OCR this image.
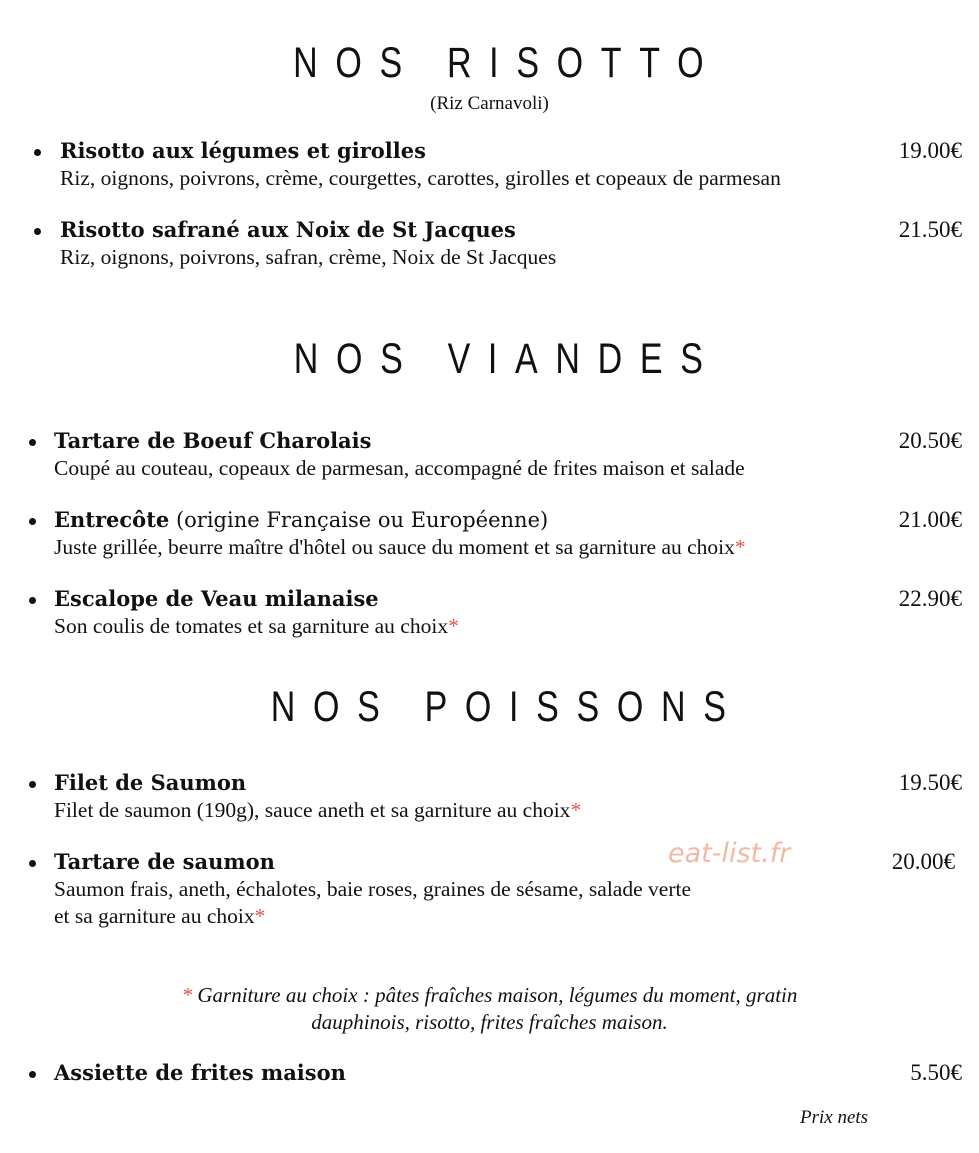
NOS RISOTTO
(Riz Carnavoli)
Risotto aux légumes et girolles	19.00€
Riz, oignons, poivrons, crème, courgettes, carottes, girolles et copeaux de parmesan
Risotto safrané aux Noix de St Jacques	21.50€
Riz, oignons, poivrons, safran, crème, Noix de St Jacques
NOS VIANDES
Tartare de Boeuf Charolais	20.50€
Coupé au couteau, copeaux de parmesan, accompagné de frites maison et salade
Entrecôte (origine Française ou Européenne)	21.00€
Juste grillée, beurre maître d'hôtel ou sauce du moment et sa garniture au choix*
Escalope de Veau milanaise	22.90€
Son coulis de tomates et sa garniture au choix*
NOS POISSONS
Filet de Saumon	19.50€
Filet de saumon (190g), sauce aneth et sa garniture au choix*
Tartare de saumon	20.00€
Saumon frais, aneth, échalotes, baie roses, graines de sésame, salade verte
et sa garniture au choix*
eat-list.fr
* Garniture au choix : pâtes fraîches maison, légumes du moment, gratin
dauphinois, risotto, frites fraîches maison.
Assiette de frites maison	5.50€
Prix nets
